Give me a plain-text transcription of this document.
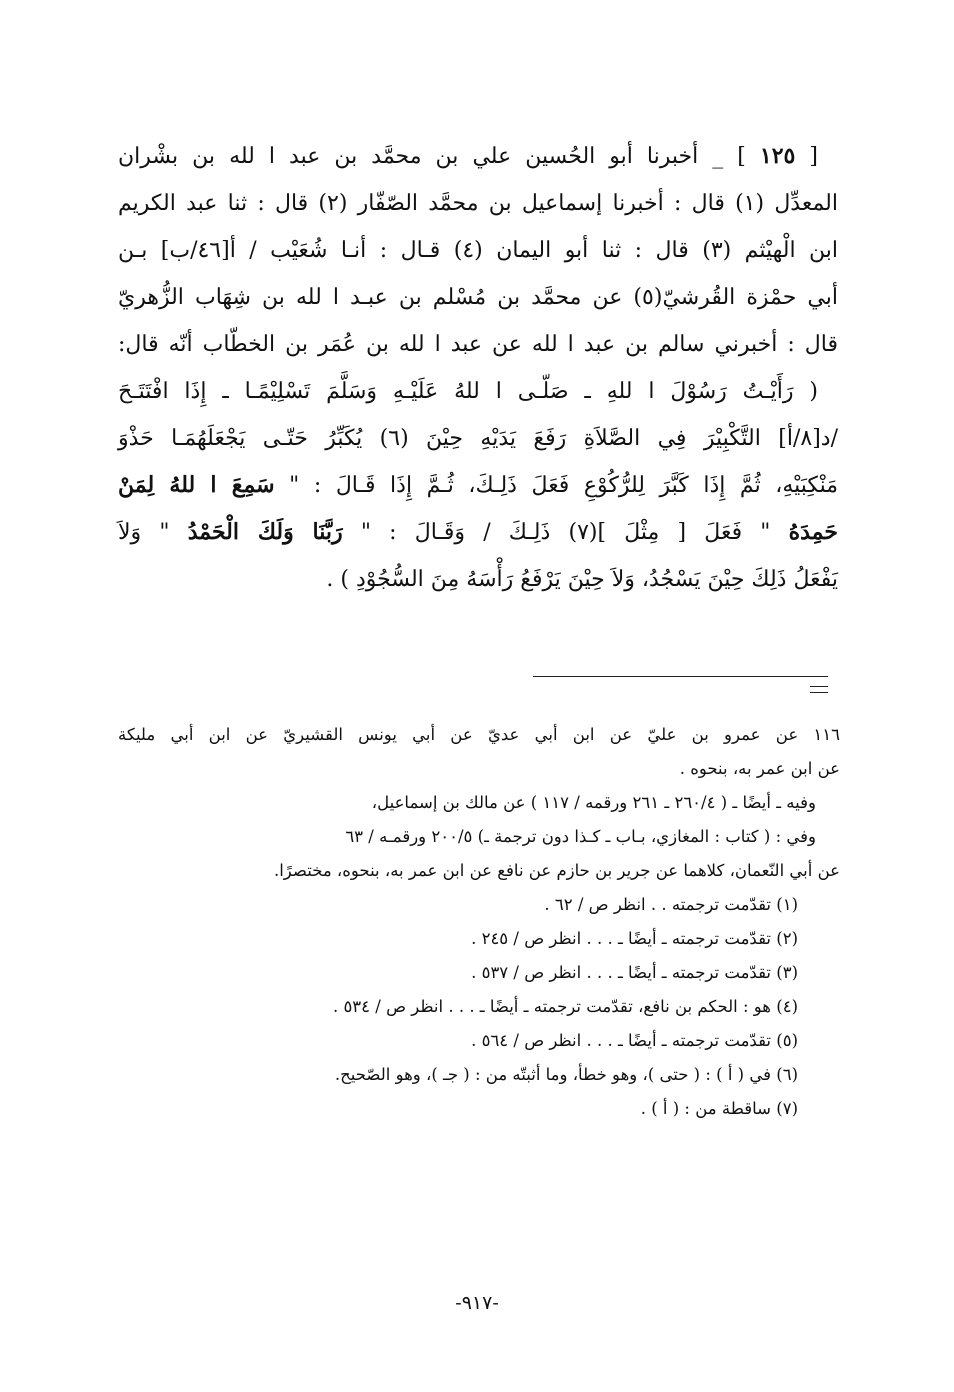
[ ١٢٥ ] _ أخبرنا أبو الحُسين علي بن محمَّد بن عبد ا لله بن بشْران

المعدِّل (١) قال : أخبرنا إسماعيل بن محمَّد الصّفّار (٢) قال : ثنا عبد الكريم

ابن الْهيْثم (٣) قال : ثنا أبو اليمان (٤) قـال : أنـا شُعَيْب / أ[٤٦/ب] بـن

أبي حمْزة القُرشيّ(٥) عن محمَّد بن مُسْلم بن عبـد ا لله بن شِهَاب الزُّهريّ

قال : أخبرني سالم بن عبد ا لله عن عبد ا لله بن عُمَر بن الخطّاب أنّه قال:

( رَأَيْـتُ رَسُوْلَ ا للهِ ـ صَلّـى ا للهُ عَلَيْـهِ وَسَلَّمَ تَسْلِيْمًـا ـ إِذَا افْتَتَـحَ

/د[٨/أ] التَّكْبِيْرَ فِي الصَّلاَةِ رَفَعَ يَدَيْهِ حِيْنَ (٦) يُكَبِّرُ حَتّـى يَجْعَلَهُمَـا حَذْوَ

مَنْكِبَيْهِ، ثُمَّ إِذَا كَبَّرَ لِلرُّكُوْعِ فَعَلَ ذَلِـكَ، ثُـمَّ إِذَا قَـالَ : " سَمِعَ ا للهُ لِمَنْ

حَمِدَهُ " فَعَلَ [ مِثْلَ ](٧) ذَلِـكَ / وَقَـالَ : " رَبَّنَا وَلَكَ الْحَمْدُ " وَلاَ

يَفْعَلُ ذَلِكَ حِيْنَ يَسْجُدُ، وَلاَ حِيْنَ يَرْفَعُ رَأْسَهُ مِنَ السُّجُوْدِ ) .

١١٦ عن عمرو بن عليّ عن ابن أبي عديّ عن أبي يونس القشيريّ عن ابن أبي مليكة

عن ابن عمر به، بنحوه .

وفيه ـ أيضًا ـ ( ٢٦٠/٤ ـ ٢٦١ ورقمه / ١١٧ ) عن مالك بن إسماعيل،

وفي : ( كتاب : المغازي، بـاب ـ كـذا دون ترجمة ـ) ٢٠٠/٥ ورقمـه / ٦٣

عن أبي النّعمان، كلاهما عن جرير بن حازم عن نافع عن ابن عمر به، بنحوه، مختصرًا.

(١) تقدّمت ترجمته . . انظر ص / ٦٢ .

(٢) تقدّمت ترجمته ـ أيضًا ـ . . . انظر ص / ٢٤٥ .

(٣) تقدّمت ترجمته ـ أيضًا ـ . . . انظر ص / ٥٣٧ .

(٤) هو : الحكم بن نافع، تقدّمت ترجمته ـ أيضًا ـ . . . انظر ص / ٥٣٤ .

(٥) تقدّمت ترجمته ـ أيضًا ـ . . . انظر ص / ٥٦٤ .

(٦) في ( أ ) : ( حتى )، وهو خطأ، وما أثبتّه من : ( جـ )، وهو الصّحيح.

(٧) ساقطة من : ( أ ) .

-٩١٧-
